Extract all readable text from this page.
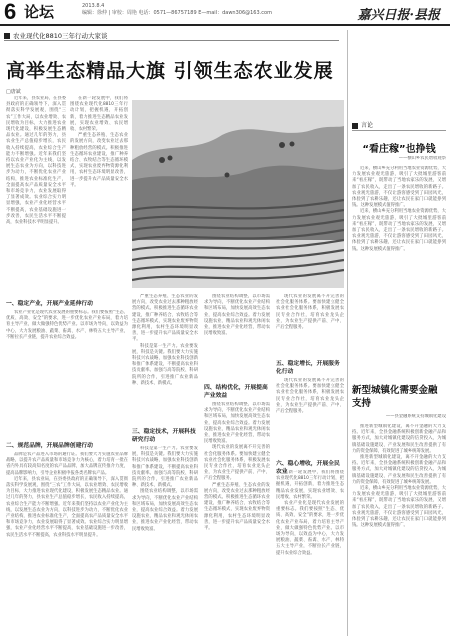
6 论坛	2013.8.4
编辑：徐仲 | 审校：周艳 电话：0571—86757189 E—mail：dawn306@163.com	嘉兴日报·县报
农业现代化8810三年行动大家谈
高举生态精品大旗 引领生态农业发展
□唐斌

近年来，县农业局，在县委县政府的正确领导下，深入贯彻落实科学发展观，围绕“三农”工作大局，以农业增效、农民增收为目标，大力推进农业现代化建设，积极发展生态精品农业。通过几年的努力，县农业生产总值稳步增长，农民收入持续提高，农业综合生产能力不断增强。近年来我们坚持以农业产业化为主线，以发展生态农业为方向，以科技进步为动力，不断优化农业产业结构，推进农业标准化生产，全面提高农产品质量安全水平和市场竞争力，农业发展取得了显著成效。农业综合实力明显增强，农业产业化经营水平不断提高，农业基础设施进一步改善，农民生活水平不断提高，农业科技水平明显提升。

在新一轮发展中，我们将围绕农业现代化8810三年行动计划，把握机遇，开拓创新，着力推进生态精品农业发展，实现农业增效、农民增收、农村繁荣。

严重生态养殖、生态农业的发展方向，改变农业过去那种粗放经营的模式。积极推进生态循环农业建设，推广种养结合、农牧结合等生态循环模式，实现农业废弃物资源化利用，农村生态环境明显改善，进一步提升农产品质量安全水平。

一、稳定产业，开展产业延伸行动

农业产业化是现代农业发展的重要标志。我们要按照“生态、优质、高效、安全”的要求，进一步优化农业产业布局，着力培育主导产业，做大做强特色优势产业。以市场为导向，以效益为中心，大力发展粮油、蔬菜、畜禽、水产、林特五大主导产业，不断拉长产业链，提升农业综合效益。

二、规范品牌，开展品牌创建行动

品牌是农产品进入市场的通行证。我们要大力实施农业品牌战略，以提升农产品质量和市场竞争力为核心，着力培育一批在省内外具有较高知名度的农产品品牌，加大品牌宣传推介力度，提高品牌影响力，引导企业积极申报各类名牌农产品。

近年来，县农业局，在县委县政府的正确领导下，深入贯彻落实科学发展观，围绕“三农”工作大局，以农业增效、农民增收为目标，大力推进农业现代化建设，积极发展生态精品农业。通过几年的努力，县农业生产总值稳步增长，农民收入持续提高，农业综合生产能力不断增强。近年来我们坚持以农业产业化为主线，以发展生态农业为方向，以科技进步为动力，不断优化农业产业结构，推进农业标准化生产，全面提高农产品质量安全水平和市场竞争力，农业发展取得了显著成效。农业综合实力明显增强，农业产业化经营水平不断提高，农业基础设施进一步改善，农民生活水平不断提高，农业科技水平明显提升。

严重生态养殖、生态农业的发展方向，改变农业过去那种粗放经营的模式。积极推进生态循环农业建设，推广种养结合、农牧结合等生态循环模式，实现农业废弃物资源化利用，农村生态环境明显改善，进一步提升农产品质量安全水平。

科技是第一生产力。农业要发展，科技是关键。我们要大力实施科技兴农战略，加强农业科技创新和推广体系建设，不断提高农业科技贡献率。加强与高等院校、科研院所的合作，引进推广农业新品种、新技术、新模式。

三、稳定技术，开展科技研究行动

科技是第一生产力。农业要发展，科技是关键。我们要大力实施科技兴农战略，加强农业科技创新和推广体系建设，不断提高农业科技贡献率。加强与高等院校、科研院所的合作，引进推广农业新品种、新技术、新模式。

围绕农业结构调整，以市场需求为导向，不断优化农业产业结构和区域布局，加快发展高效生态农业，提高农业综合效益。着力发展设施农业、精品农业和观光休闲农业，推进农业产业化经营，带动农民增收致富。

围绕农业结构调整，以市场需求为导向，不断优化农业产业结构和区域布局，加快发展高效生态农业，提高农业综合效益。着力发展设施农业、精品农业和观光休闲农业，推进农业产业化经营，带动农民增收致富。

四、结构优化，开展提高产业效益

围绕农业结构调整，以市场需求为导向，不断优化农业产业结构和区域布局，加快发展高效生态农业，提高农业综合效益。着力发展设施农业、精品农业和观光休闲农业，推进农业产业化经营，带动农民增收致富。

现代农业的发展离不开完善的社会化服务体系。要加快建立健全农业社会化服务体系，积极发展农民专业合作社，培育农业龙头企业，为农业生产提供产前、产中、产后全程服务。

严重生态养殖、生态农业的发展方向，改变农业过去那种粗放经营的模式。积极推进生态循环农业建设，推广种养结合、农牧结合等生态循环模式，实现农业废弃物资源化利用，农村生态环境明显改善，进一步提升农产品质量安全水平。

现代农业的发展离不开完善的社会化服务体系。要加快建立健全农业社会化服务体系，积极发展农民专业合作社，培育农业龙头企业，为农业生产提供产前、产中、产后全程服务。

五、稳定增长，开展服务化行动

现代农业的发展离不开完善的社会化服务体系。要加快建立健全农业社会化服务体系，积极发展农民专业合作社，培育农业龙头企业，为农业生产提供产前、产中、产后全程服务。

六、稳心增收，开展全民农业

在新一轮发展中，我们将围绕农业现代化8810三年行动计划，把握机遇，开拓创新，着力推进生态精品农业发展，实现农业增效、农民增收、农村繁荣。

农业产业化是现代农业发展的重要标志。我们要按照“生态、优质、高效、安全”的要求，进一步优化农业产业布局，着力培育主导产业，做大做强特色优势产业。以市场为导向，以效益为中心，大力发展粮油、蔬菜、畜禽、水产、林特五大主导产业，不断拉长产业链，提升农业综合效益。

言论
“看庄稼”也挣钱
——横山乡农民增收观察

近来，横山乡充分利用当地农业资源优势，大力发展农业观光旅游，吸引了大批城里游客前来“看庄稼”，既带动了当地农家乐的发展，又增加了农民收入，走出了一条农民增收的新路子。农业观光旅游，不仅让游客感受到了田园风光，体验到了农耕乐趣，还让农民在家门口就能挣到钱。这种发展模式值得推广。

近来，横山乡充分利用当地农业资源优势，大力发展农业观光旅游，吸引了大批城里游客前来“看庄稼”，既带动了当地农家乐的发展，又增加了农民收入，走出了一条农民增收的新路子。农业观光旅游，不仅让游客感受到了田园风光，体验到了农耕乐趣，还让农民在家门口就能挣到钱。这种发展模式值得推广。

新型城镇化需要金融支持
——县金融系统支持城镇化建设

推进新型城镇化建设，离不开金融的大力支持。近年来，全县金融系统积极创新金融产品和服务方式，加大对城镇化建设的信贷投入，为城镇基础设施建设、产业发展和民生改善提供了有力的资金保障，有效促进了城乡统筹发展。

推进新型城镇化建设，离不开金融的大力支持。近年来，全县金融系统积极创新金融产品和服务方式，加大对城镇化建设的信贷投入，为城镇基础设施建设、产业发展和民生改善提供了有力的资金保障，有效促进了城乡统筹发展。

近来，横山乡充分利用当地农业资源优势，大力发展农业观光旅游，吸引了大批城里游客前来“看庄稼”，既带动了当地农家乐的发展，又增加了农民收入，走出了一条农民增收的新路子。农业观光旅游，不仅让游客感受到了田园风光，体验到了农耕乐趣，还让农民在家门口就能挣到钱。这种发展模式值得推广。
